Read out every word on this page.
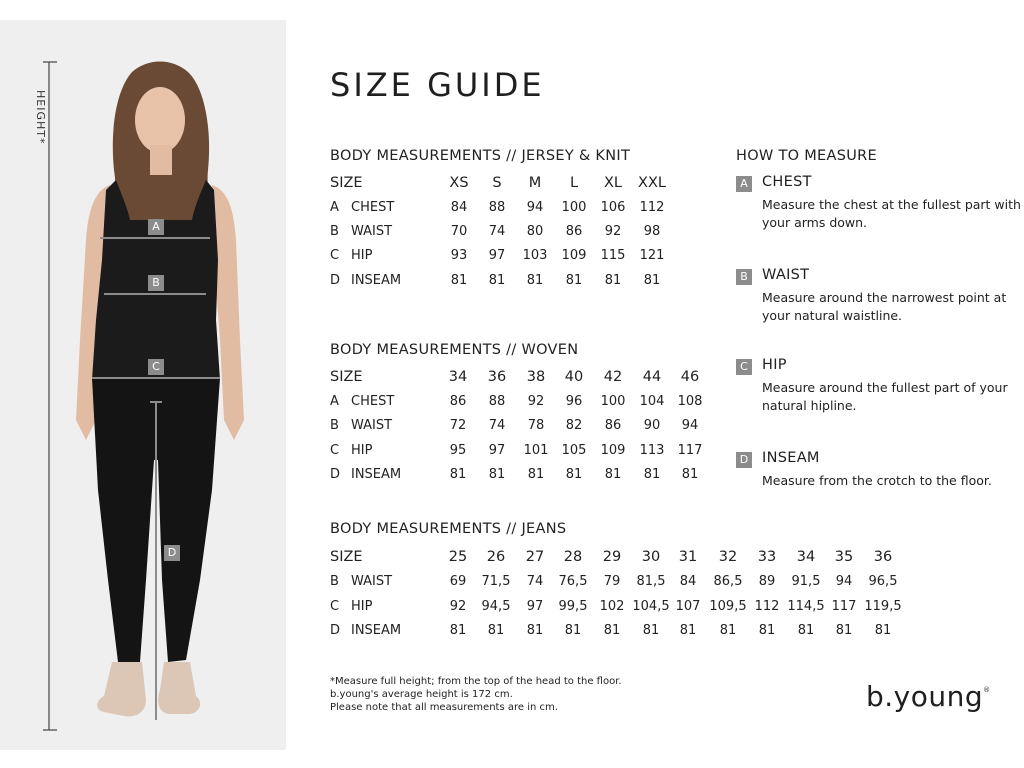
HEIGHT*
A
B
C
D
SIZE GUIDE
BODY MEASUREMENTS // JERSEY & KNIT
SIZE	XS	S	M	L	XL	XXL
A CHEST	84	88	94	100	106	112
B WAIST	70	74	80	86	92	98
C HIP	93	97	103	109	115	121
D INSEAM	81	81	81	81	81	81
BODY MEASUREMENTS // WOVEN
SIZE	34	36	38	40	42	44	46
A CHEST	86	88	92	96	100	104	108
B WAIST	72	74	78	82	86	90	94
C HIP	95	97	101	105	109	113	117
D INSEAM	81	81	81	81	81	81	81
BODY MEASUREMENTS // JEANS
SIZE	25	26	27	28	29	30	31	32	33	34	35	36
B WAIST	69	71,5	74	76,5	79	81,5	84	86,5	89	91,5	94	96,5
C HIP	92	94,5	97	99,5 102 104,5 107 109,5 112 114,5 117 119,5
D INSEAM	81	81	81	81	81	81	81	81	81	81	81	81
HOW TO MEASURE
A CHEST
Measure the chest at the fullest part with your arms down.
B WAIST
Measure around the narrowest point at your natural waistline.
C HIP
Measure around the fullest part of your natural hipline.
D INSEAM
Measure from the crotch to the floor.
*Measure full height; from the top of the head to the floor.
b.young's average height is 172 cm.
Please note that all measurements are in cm.	b.young®
